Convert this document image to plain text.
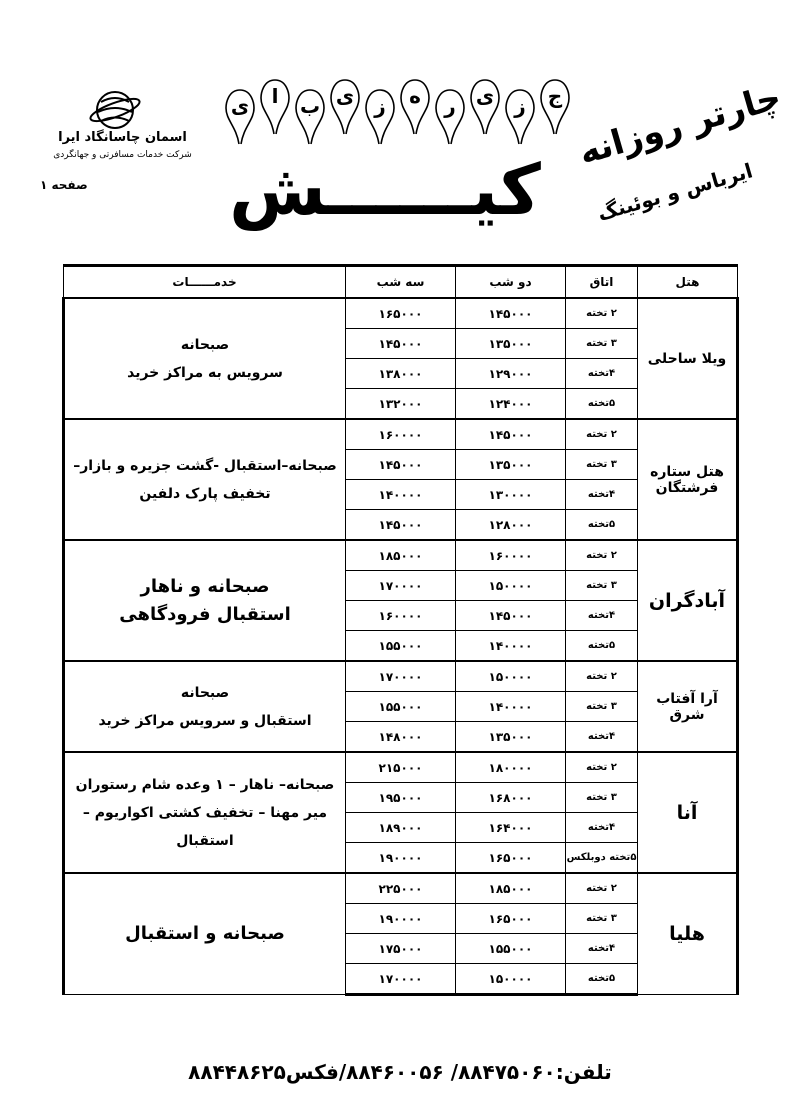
اسمان چاسانگاد ایرا
شرکت خدمات مسافرتی و جهانگردی
صفحه ۱
ج
ز
ی
ر
ه
ز
ی
ب
ا
ی
کیــــــش
چارتر روزانه
ایرباس و بوئینگ
هتل	اتاق	دو شب	سه شب	خدمــــــات
ویلا ساحلی	۲ تخته	۱۴۵۰۰۰	۱۶۵۰۰۰	صبحانه
سرویس به مراکز خرید

	۳ تخته	۱۳۵۰۰۰	۱۴۵۰۰۰	
	۴تخته	۱۲۹۰۰۰	۱۳۸۰۰۰	
	۵تخته	۱۲۴۰۰۰	۱۳۲۰۰۰	
هتل ستاره فرشتگان	۲ تخته	۱۴۵۰۰۰	۱۶۰۰۰۰	صبحانه–استقبال -گشت جزیره و بازار–
تخفیف پارک دلفین

	۳ تخته	۱۳۵۰۰۰	۱۴۵۰۰۰	
	۴تخته	۱۳۰۰۰۰	۱۴۰۰۰۰	
	۵تخته	۱۲۸۰۰۰	۱۴۵۰۰۰	
آبادگران	۲ تخته	۱۶۰۰۰۰	۱۸۵۰۰۰	صبحانه و ناهار
استقبال فرودگاهی

	۳ تخته	۱۵۰۰۰۰	۱۷۰۰۰۰	
	۴تخته	۱۴۵۰۰۰	۱۶۰۰۰۰	
	۵تخته	۱۴۰۰۰۰	۱۵۵۰۰۰	
آرا آفتاب شرق	۲ تخته	۱۵۰۰۰۰	۱۷۰۰۰۰	صبحانه
استقبال و سرویس مراکز خرید

	۳ تخته	۱۴۰۰۰۰	۱۵۵۰۰۰	
	۴تخته	۱۳۵۰۰۰	۱۴۸۰۰۰	
آنا	۲ تخته	۱۸۰۰۰۰	۲۱۵۰۰۰	صبحانه– ناهار – ۱ وعده شام رستوران
میر مهنا – تخفیف کشتی اکواریوم –
استقبال

	۳ تخته	۱۶۸۰۰۰	۱۹۵۰۰۰	
	۴تخته	۱۶۴۰۰۰	۱۸۹۰۰۰	
	۵تخته دوبلکس	۱۶۵۰۰۰	۱۹۰۰۰۰	
هلیا	۲ تخته	۱۸۵۰۰۰	۲۲۵۰۰۰	صبحانه و استقبال

	۳ تخته	۱۶۵۰۰۰	۱۹۰۰۰۰	
	۴تخته	۱۵۵۰۰۰	۱۷۵۰۰۰	
	۵تخته	۱۵۰۰۰۰	۱۷۰۰۰۰	
تلفن:۸۸۴۷۵۰۶۰/ ۸۸۴۶۰۰۵۶/فکس۸۸۴۴۸۶۲۵
